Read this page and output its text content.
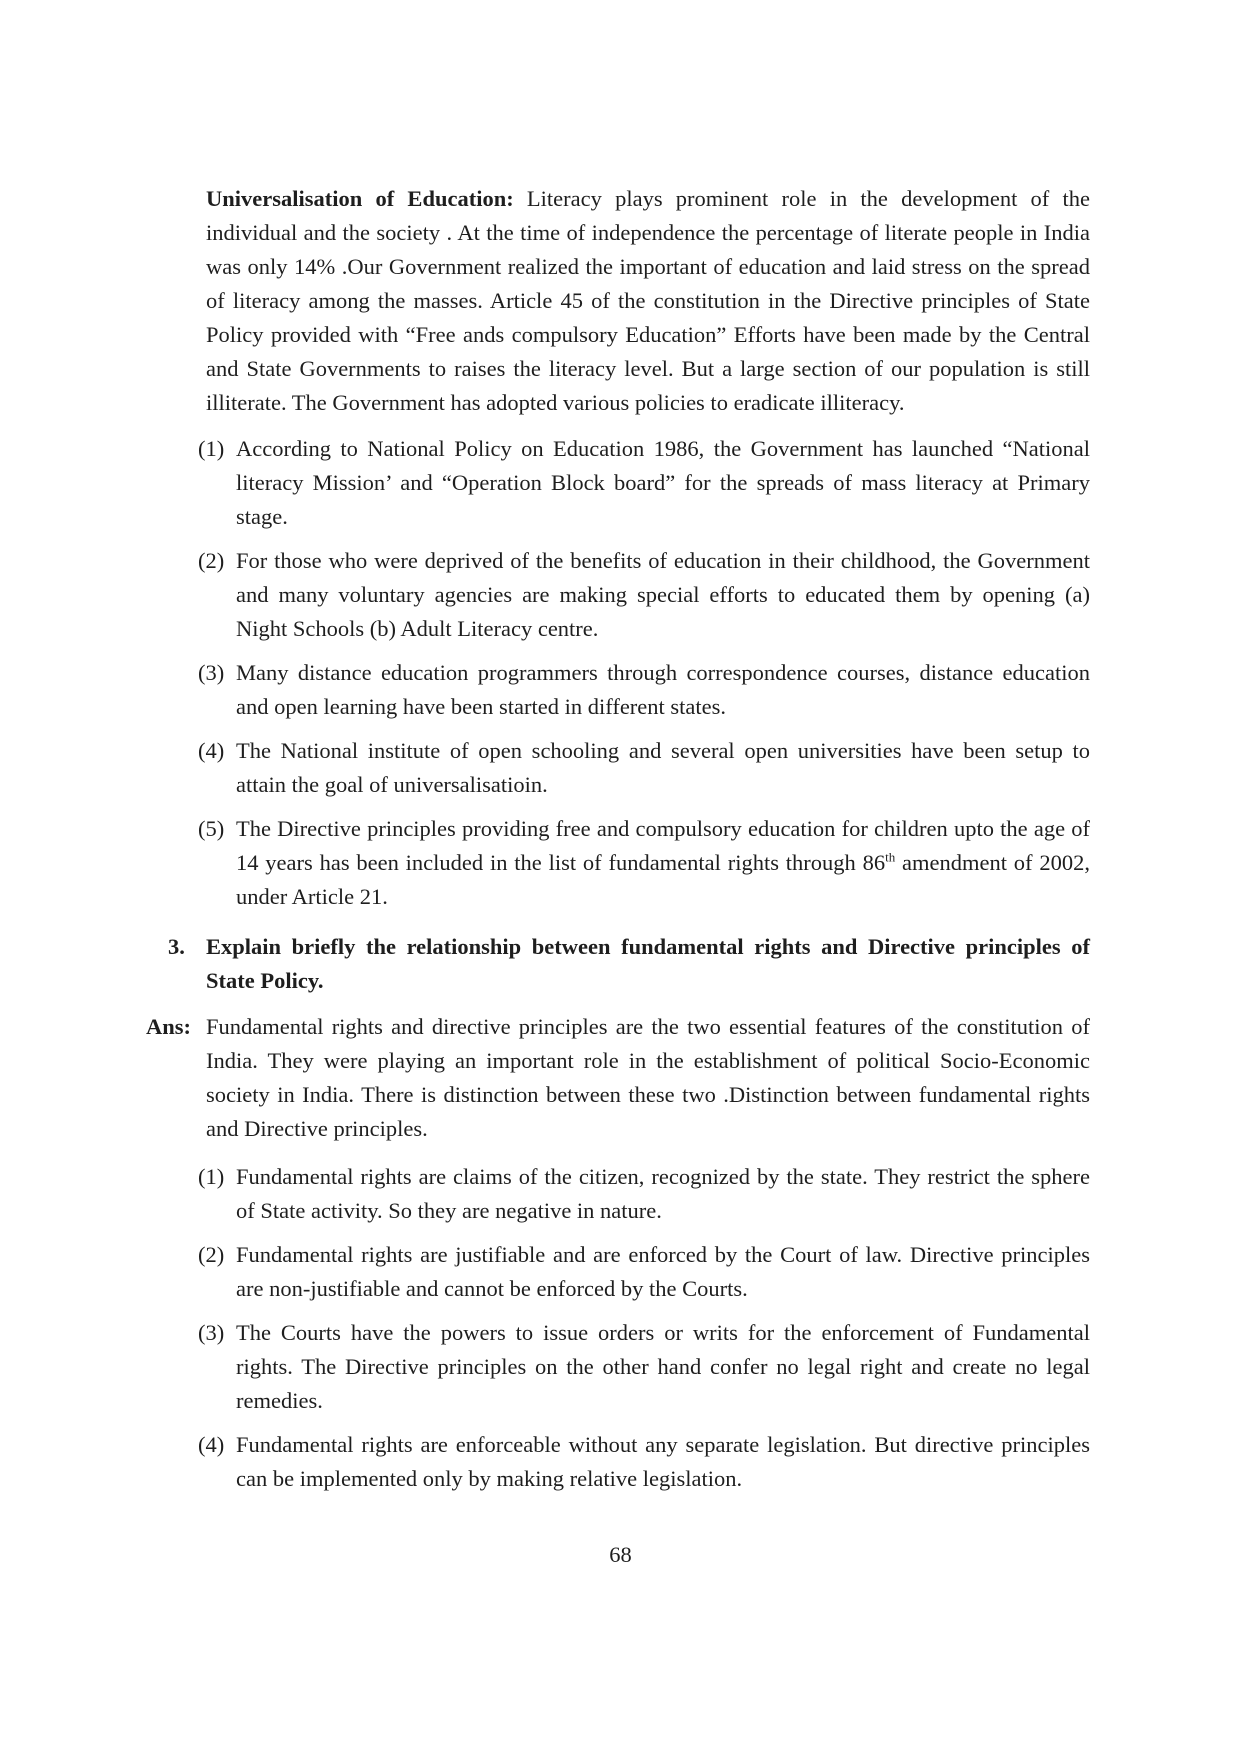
Universalisation of Education: Literacy plays prominent role in the development of the individual and the society . At the time of independence the percentage of literate people in India was only 14% .Our Government realized the important of education and laid stress on the spread of literacy among the masses. Article 45 of the constitution in the Directive principles of State Policy provided with “Free ands compulsory Education” Efforts have been made by the Central and State Governments to raises the literacy level. But a large section of our population is still illiterate. The Government has adopted various policies to eradicate illiteracy.

(1) According to National Policy on Education 1986, the Government has launched “National literacy Mission’ and “Operation Block board” for the spreads of mass literacy at Primary stage.
(2) For those who were deprived of the benefits of education in their childhood, the Government and many voluntary agencies are making special efforts to educated them by opening (a) Night Schools (b) Adult Literacy centre.
(3) Many distance education programmers through correspondence courses, distance education and open learning have been started in different states.
(4) The National institute of open schooling and several open universities have been setup to attain the goal of universalisatioin.
(5) The Directive principles providing free and compulsory education for children upto the age of 14 years has been included in the list of fundamental rights through 86th amendment of 2002, under Article 21.
3. Explain briefly the relationship between fundamental rights and Directive principles of State Policy.
Ans: Fundamental rights and directive principles are the two essential features of the constitution of India. They were playing an important role in the establishment of political Socio-Economic society in India. There is distinction between these two .Distinction between fundamental rights and Directive principles.
(1) Fundamental rights are claims of the citizen, recognized by the state. They restrict the sphere of State activity. So they are negative in nature.
(2) Fundamental rights are justifiable and are enforced by the Court of law. Directive principles are non-justifiable and cannot be enforced by the Courts.
(3) The Courts have the powers to issue orders or writs for the enforcement of Fundamental rights. The Directive principles on the other hand confer no legal right and create no legal remedies.
(4) Fundamental rights are enforceable without any separate legislation. But directive principles can be implemented only by making relative legislation.
68
